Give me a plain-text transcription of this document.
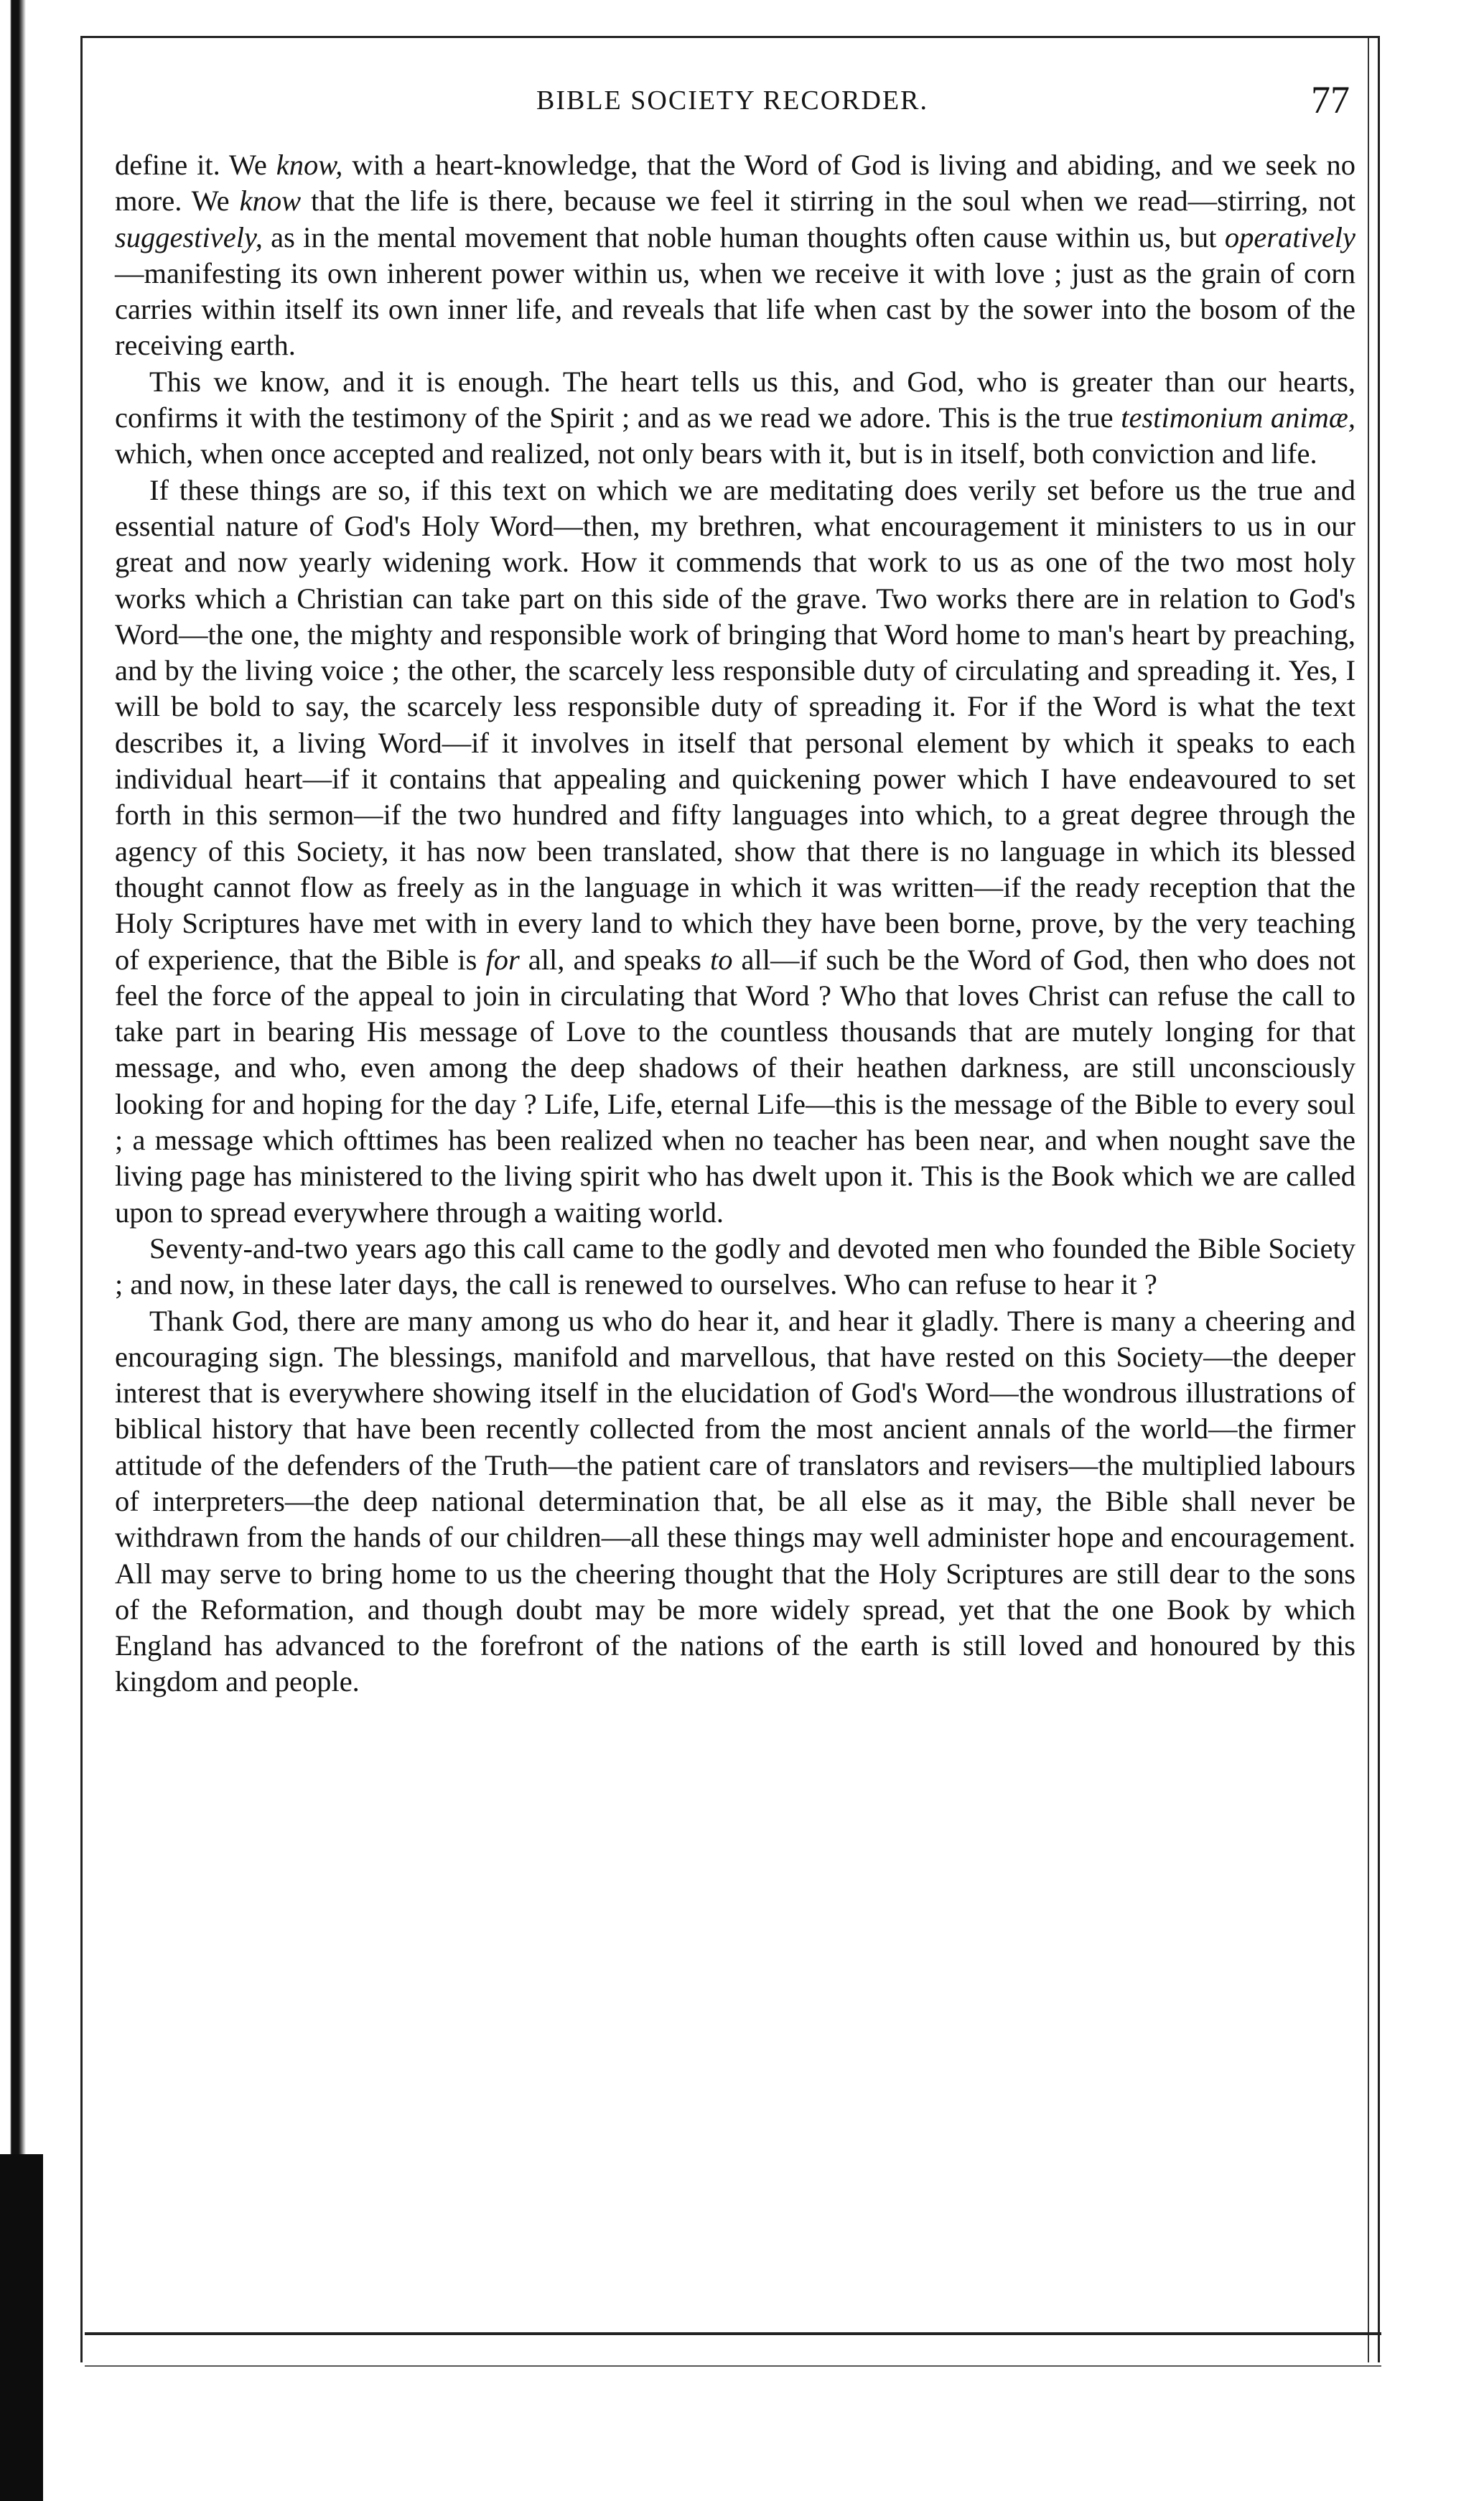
BIBLE SOCIETY RECORDER.	77

define it. We know, with a heart-knowledge, that the Word of God is living and abiding, and we seek no more. We know that the life is there, because we feel it stirring in the soul when we read—stirring, not suggestively, as in the mental movement that noble human thoughts often cause within us, but operatively—manifesting its own inherent power within us, when we receive it with love ; just as the grain of corn carries within itself its own inner life, and reveals that life when cast by the sower into the bosom of the receiving earth.

This we know, and it is enough. The heart tells us this, and God, who is greater than our hearts, confirms it with the testimony of the Spirit ; and as we read we adore. This is the true testimonium animæ, which, when once accepted and realized, not only bears with it, but is in itself, both conviction and life.

If these things are so, if this text on which we are meditating does verily set before us the true and essential nature of God's Holy Word—then, my brethren, what encouragement it ministers to us in our great and now yearly widening work. How it commends that work to us as one of the two most holy works which a Christian can take part on this side of the grave. Two works there are in relation to God's Word—the one, the mighty and responsible work of bringing that Word home to man's heart by preaching, and by the living voice ; the other, the scarcely less responsible duty of circulating and spreading it. Yes, I will be bold to say, the scarcely less responsible duty of spreading it. For if the Word is what the text describes it, a living Word—if it involves in itself that personal element by which it speaks to each individual heart—if it contains that appealing and quickening power which I have endeavoured to set forth in this sermon—if the two hundred and fifty languages into which, to a great degree through the agency of this Society, it has now been translated, show that there is no language in which its blessed thought cannot flow as freely as in the language in which it was written—if the ready reception that the Holy Scriptures have met with in every land to which they have been borne, prove, by the very teaching of experience, that the Bible is for all, and speaks to all—if such be the Word of God, then who does not feel the force of the appeal to join in circulating that Word ? Who that loves Christ can refuse the call to take part in bearing His message of Love to the countless thousands that are mutely longing for that message, and who, even among the deep shadows of their heathen darkness, are still unconsciously looking for and hoping for the day ? Life, Life, eternal Life—this is the message of the Bible to every soul ; a message which ofttimes has been realized when no teacher has been near, and when nought save the living page has ministered to the living spirit who has dwelt upon it. This is the Book which we are called upon to spread everywhere through a waiting world.

Seventy-and-two years ago this call came to the godly and devoted men who founded the Bible Society ; and now, in these later days, the call is renewed to ourselves. Who can refuse to hear it ?

Thank God, there are many among us who do hear it, and hear it gladly. There is many a cheering and encouraging sign. The blessings, manifold and marvellous, that have rested on this Society—the deeper interest that is everywhere showing itself in the elucidation of God's Word—the wondrous illustrations of biblical history that have been recently collected from the most ancient annals of the world—the firmer attitude of the defenders of the Truth—the patient care of translators and revisers—the multiplied labours of interpreters—the deep national determination that, be all else as it may, the Bible shall never be withdrawn from the hands of our children—all these things may well administer hope and encouragement. All may serve to bring home to us the cheering thought that the Holy Scriptures are still dear to the sons of the Reformation, and though doubt may be more widely spread, yet that the one Book by which England has advanced to the forefront of the nations of the earth is still loved and honoured by this kingdom and people.
